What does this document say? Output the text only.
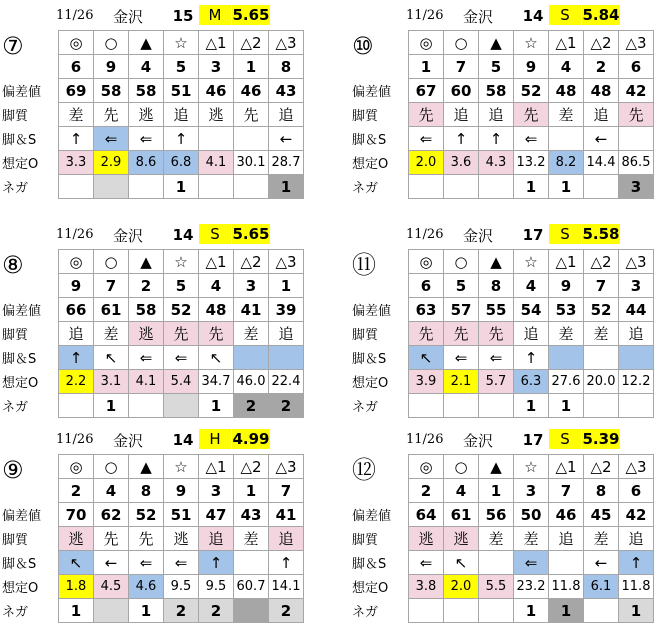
11/26 金沢	15	M 5.65
	◎	○	▲	☆	△1	△2	△3
	6	9	4	5	3	1	8
偏差値	69	58	58	51	46	46	43
脚質	差	先	逃	追	逃	先	追
脚＆S	↑	⇐	⇐	↑			←
想定O	3.3	2.9	8.6	6.8	4.1	30.1	28.7
ネガ				1			1
⑦
11/26 金沢	14	S 5.84
	◎	○	▲	☆	△1	△2	△3
	1	7	5	9	4	2	6
偏差値	67	60	58	52	48	48	42
脚質	先	追	追	先	差	追	先
脚＆S	⇐	↑	↑	⇐		←	
想定O	2.0	3.6	4.3	13.2	8.2	14.4	86.5
ネガ				1	1		3
⑩
11/26 金沢	14	S 5.65
	◎	○	▲	☆	△1	△2	△3
	9	7	2	5	4	3	1
偏差値	66	61	58	52	48	41	39
脚質	追	差	逃	先	先	差	追
脚＆S	↑	↖	⇐	⇐	↖		
想定O	2.2	3.1	4.1	5.4	34.7	46.0	22.4
ネガ		1			1	2	2
⑧
11/26 金沢	17	S 5.58
	◎	○	▲	☆	△1	△2	△3
	6	5	8	4	9	7	3
偏差値	63	57	55	54	53	52	44
脚質	先	先	先	追	差	差	追
脚＆S	↖	⇐	⇐	↑			
想定O	3.9	2.1	5.7	6.3	27.6	20.0	12.2
ネガ				1	1		
⑪
11/26 金沢	14	H 4.99
	◎	○	▲	☆	△1	△2	△3
	2	4	8	9	3	1	7
偏差値	70	62	52	51	47	43	41
脚質	逃	先	先	逃	追	差	追
脚＆S	↖	←	⇐	⇐	↑		↑
想定O	1.8	4.5	4.6	9.5	9.5	60.7	14.1
ネガ	1		1	2	2		2
⑨
11/26 金沢	17	S 5.39
	◎	○	▲	☆	△1	△2	△3
	2	4	1	3	7	8	6
偏差値	64	61	56	50	46	45	42
脚質	逃	逃	差	差	追	差	追
脚＆S	⇐	↖		⇐		←	↑
想定O	3.8	2.0	5.5	23.2	11.8	6.1	11.8
ネガ				1	1		1
⑫
